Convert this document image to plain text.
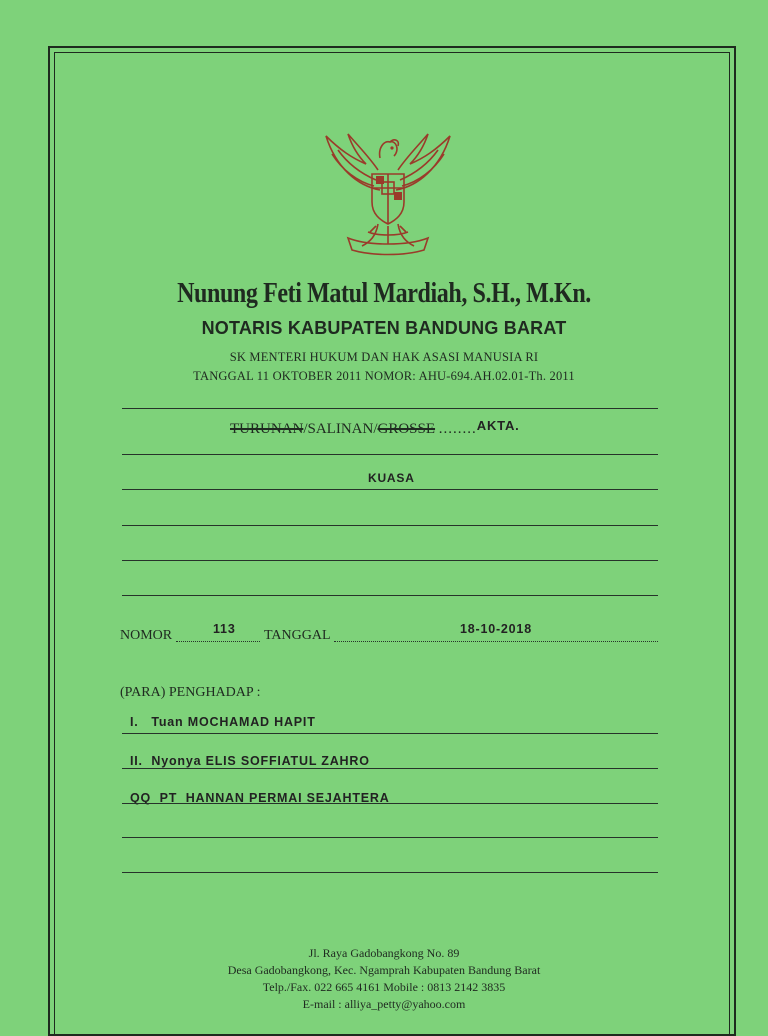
Nunung Feti Matul Mardiah, S.H., M.Kn.
NOTARIS KABUPATEN BANDUNG BARAT
SK MENTERI HUKUM DAN HAK ASASI MANUSIA RI
TANGGAL 11 OKTOBER 2011 NOMOR: AHU-694.AH.02.01-Th. 2011
TURUNAN/SALINAN/GROSSE ........AKTA.
KUASA
NOMOR	113 TANGGAL	18-10-2018
(PARA) PENGHADAP :
I.   Tuan MOCHAMAD HAPIT
II.  Nyonya ELIS SOFFIATUL ZAHRO
QQ  PT  HANNAN PERMAI SEJAHTERA
Jl. Raya Gadobangkong No. 89
Desa Gadobangkong, Kec. Ngamprah Kabupaten Bandung Barat
Telp./Fax. 022 665 4161 Mobile : 0813 2142 3835
E-mail : alliya_petty@yahoo.com
